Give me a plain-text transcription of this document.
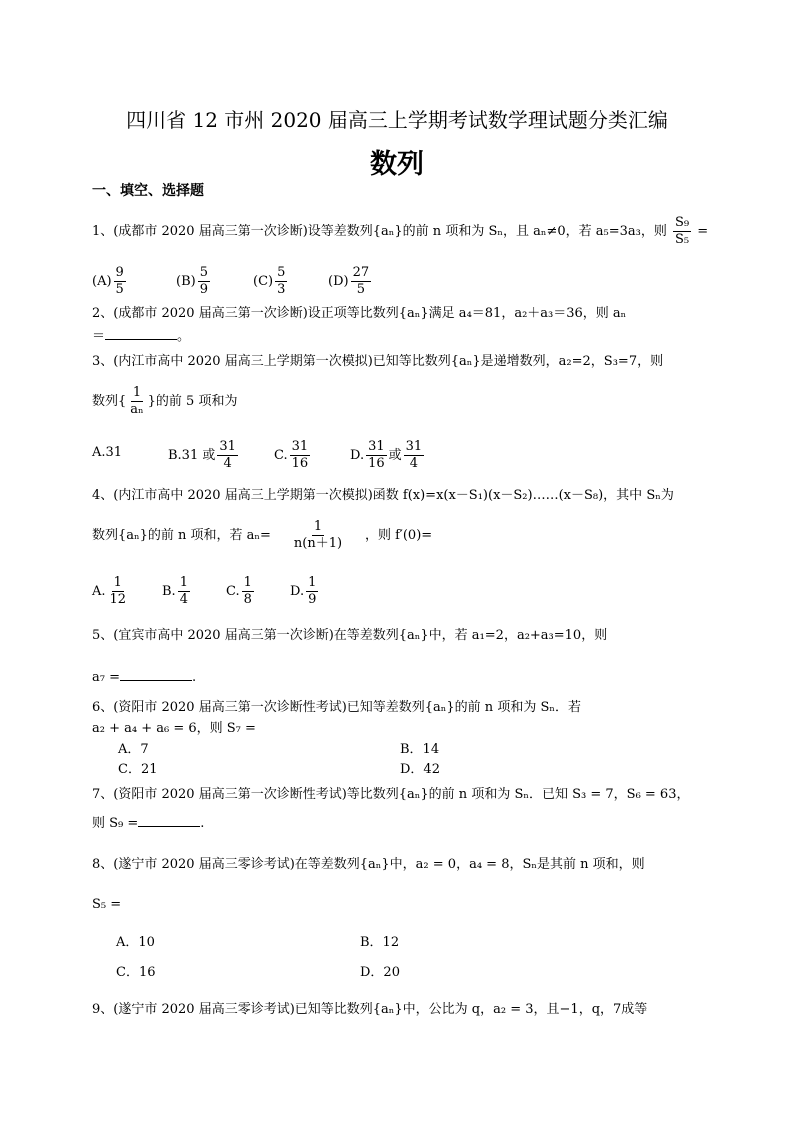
四川省 12 市州 2020 届高三上学期考试数学理试题分类汇编
数列
一、填空、选择题
1、(成都市 2020 届高三第一次诊断)设等差数列{aₙ}的前 n 项和为 Sₙ，且 aₙ≠0，若 a₅=3a₃，则 $\frac{\text{S₉}}{\text{S₅}}$ =
$(A) \frac{9}{5}$	$(B) \frac{5}{9}$	$(C) \frac{5}{3}$	$(D) \frac{27}{5}$
2、(成都市 2020 届高三第一次诊断)设正项等比数列{aₙ}满足 a₄＝81，a₂＋a₃＝36，则 aₙ
＝	。
3、(内江市高中 2020 届高三上学期第一次模拟)已知等比数列{aₙ}是递增数列，a₂=2，S₃=7，则
数列{ $\frac{1}{\text{aₙ}}$ }的前 5 项和为
A.31	B.31 或 $\frac{31}{4}$	C. $\frac{31}{16}$	D. $\frac{31}{16}$ 或 $\frac{31}{4}$
4、(内江市高中 2020 届高三上学期第一次模拟)函数 f(x)=x(x－S₁)(x－S₂)……(x－S₈)，其中 Sₙ为
数列{aₙ}的前 n 项和，若 $a_n= \frac{1}{n(n+1)}$ ，则 f′(0)=
A. $\frac{1}{12}$	B. $\frac{1}{4}$	C. $\frac{1}{8}$	D. $\frac{1}{9}$
5、(宜宾市高中 2020 届高三第一次诊断)在等差数列{aₙ}中，若 a₁=2，a₂+a₃=10，则
a₇ =	.
6、(资阳市 2020 届高三第一次诊断性考试)已知等差数列{aₙ}的前 n 项和为 Sₙ．若
a₂ + a₄ + a₆ = 6，则 S₇ =
A．7	B．14
C．21	D．42
7、(资阳市 2020 届高三第一次诊断性考试)等比数列{aₙ}的前 n 项和为 Sₙ．已知 S₃ = 7，S₆ = 63，
则 S₉ =	.
8、(遂宁市 2020 届高三零诊考试)在等差数列{aₙ}中，a₂ = 0，a₄ = 8，Sₙ是其前 n 项和，则
S₅ =
A．10	B．12
C．16	D．20
9、(遂宁市 2020 届高三零诊考试)已知等比数列{aₙ}中，公比为 q，a₂ = 3，且−1，q，7成等
